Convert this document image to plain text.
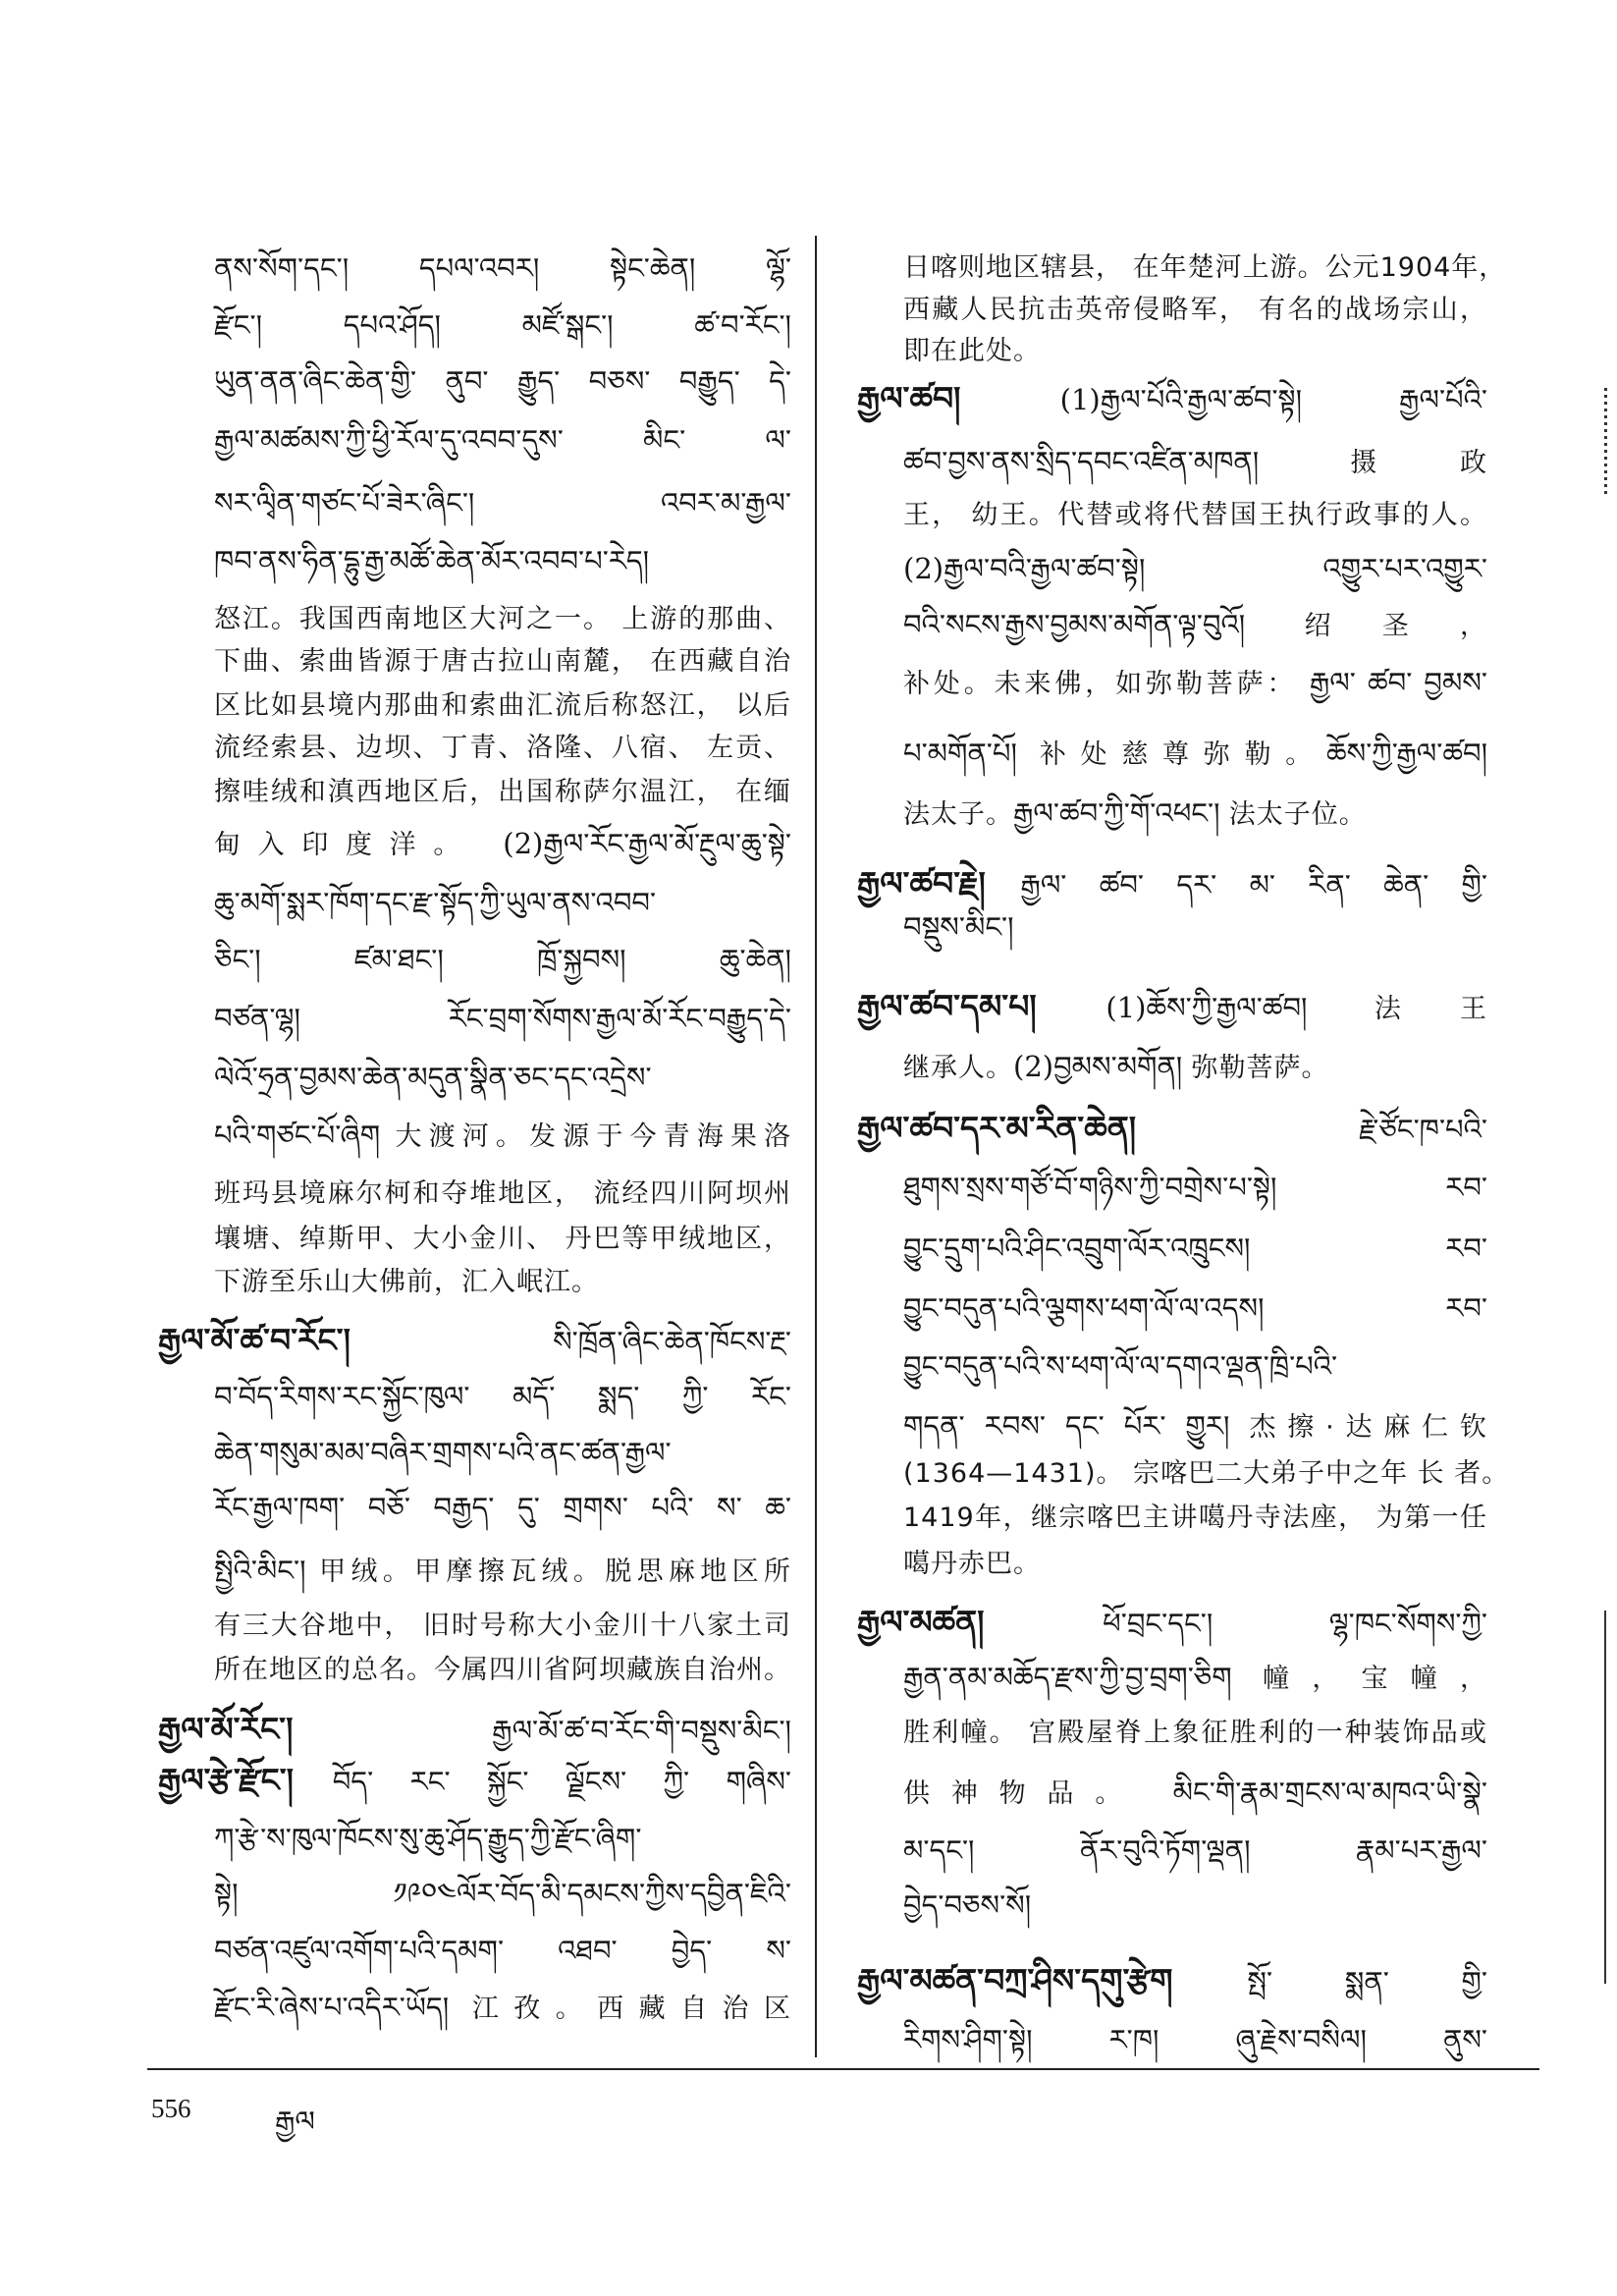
ནས་སོག་དང་། དཔལ་འབར། སྟེང་ཆེན། ལྷོ་
རྫོང་། དཔའ་ཤོད། མཛོ་སྒང་། ཚ་བ་རོང་།
ཡུན་ནན་ཞིང་ཆེན་གྱི་ ནུབ་ རྒྱུད་ བཅས་ བརྒྱུད་ དེ་
རྒྱལ་མཚམས་ཀྱི་ཕྱི་རོལ་དུ་འབབ་དུས་ མིང་ ལ་
སར་ལྭིན་གཙང་པོ་ཟེར་ཞིང་། འབར་མ་རྒྱལ་
ཁབ་ནས་ཧིན་དྷུ་རྒྱ་མཚོ་ཆེན་མོར་འབབ་པ་རེད།
怒江。我国西南地区大河之一。 上游的那曲、
下曲、索曲皆源于唐古拉山南麓， 在西藏自治
区比如县境内那曲和索曲汇流后称怒江， 以后
流经索县、边坝、丁青、洛隆、八宿、 左贡、
擦哇绒和滇西地区后，出国称萨尔温江， 在缅
甸入印度洋。 (2)རྒྱལ་རོང་རྒྱལ་མོ་རྔུལ་ཆུ་སྟེ་
ཆུ་མགོ་སྨར་ཁོག་དང་རྫ་སྟོད་ཀྱི་ཡུལ་ནས་འབབ་
ཅིང་། ཛམ་ཐང་། ཁྲོ་སྐྱབས། ཆུ་ཆེན།
བཙན་ལྷ། རོང་བྲག་སོགས་རྒྱལ་མོ་རོང་བརྒྱུད་དེ་
ལེའོ་ཧྲན་བྱམས་ཆེན་མདུན་སྣིན་ཅང་དང་འདྲེས་
པའི་གཙང་པོ་ཞིག 大渡河。发源于今青海果洛
班玛县境麻尔柯和夺堆地区， 流经四川阿坝州
壤塘、绰斯甲、大小金川、 丹巴等甲绒地区，
下游至乐山大佛前，汇入岷江。
རྒྱལ་མོ་ཚ་བ་རོང་། སི་ཁྲོན་ཞིང་ཆེན་ཁོངས་རྔ་
བ་བོད་རིགས་རང་སྐྱོང་ཁུལ་ མདོ་ སྨད་ ཀྱི་ རོང་
ཆེན་གསུམ་མམ་བཞིར་གྲགས་པའི་ནང་ཚན་རྒྱལ་
རོང་རྒྱལ་ཁག་ བཅོ་ བརྒྱད་ དུ་ གྲགས་ པའི་ ས་ ཆ་
སྤྱིའི་མིང་། 甲绒。甲摩擦瓦绒。脱思麻地区所
有三大谷地中， 旧时号称大小金川十八家土司
所在地区的总名。今属四川省阿坝藏族自治州。
རྒྱལ་མོ་རོང་། རྒྱལ་མོ་ཚ་བ་རོང་གི་བསྡུས་མིང་།
རྒྱལ་རྩེ་རྫོང་། བོད་ རང་ སྐྱོང་ ལྗོངས་ ཀྱི་ གཞིས་
ཀ་རྩེ་ས་ཁུལ་ཁོངས་སུ་ཆུ་ཤོད་རྒྱུད་ཀྱི་རྫོང་ཞིག་
སྟེ། ༡༩༠༤ལོར་བོད་མི་དམངས་ཀྱིས་དབྱིན་ཇིའི་
བཙན་འཛུལ་འགོག་པའི་དམག་ འཐབ་ བྱེད་ ས་
རྫོང་རི་ཞེས་པ་འདིར་ཡོད། 江孜。西藏自治区
日喀则地区辖县， 在年楚河上游。公元1904年，
西藏人民抗击英帝侵略军， 有名的战场宗山，
即在此处。
རྒྱལ་ཚབ། (1)རྒྱལ་པོའི་རྒྱལ་ཚབ་སྟེ། རྒྱལ་པོའི་
ཚབ་བྱས་ནས་སྲིད་དབང་འཛིན་མཁན། 摄政
王， 幼王。代替或将代替国王执行政事的人。
(2)རྒྱལ་བའི་རྒྱལ་ཚབ་སྟེ། འགྱུར་པར་འགྱུར་
བའི་སངས་རྒྱས་བྱམས་མགོན་ལྟ་བུའོ། 绍圣，
补处。未来佛，如弥勒菩萨： རྒྱལ་ ཚབ་ བྱམས་
པ་མགོན་པོ། 补处慈尊弥勒。ཆོས་ཀྱི་རྒྱལ་ཚབ།
法太子。རྒྱལ་ཚབ་ཀྱི་གོ་འཕང་། 法太子位。
རྒྱལ་ཚབ་རྗེ། རྒྱལ་ ཚབ་ དར་ མ་ རིན་ ཆེན་ གྱི་
བསྡུས་མིང་།
རྒྱལ་ཚབ་དམ་པ། (1)ཆོས་ཀྱི་རྒྱལ་ཚབ། 法王
继承人。(2)བྱམས་མགོན། 弥勒菩萨。
རྒྱལ་ཚབ་དར་མ་རིན་ཆེན། རྗེ་ཙོང་ཁ་པའི་
ཐུགས་སྲས་གཙོ་བོ་གཉིས་ཀྱི་བགྲེས་པ་སྟེ། རབ་
བྱུང་དྲུག་པའི་ཤིང་འབྲུག་ལོར་འཁྲུངས། རབ་
བྱུང་བདུན་པའི་ལྕགས་ཕག་ལོ་ལ་འདས། རབ་
བྱུང་བདུན་པའི་ས་ཕག་ལོ་ལ་དགའ་ལྡན་ཁྲི་པའི་
གདན་ རབས་ དང་ པོར་ གྱུར། 杰擦·达麻仁钦
(1364—1431)。 宗喀巴二大弟子中之年 长 者。
1419年，继宗喀巴主讲噶丹寺法座， 为第一任
噶丹赤巴。
རྒྱལ་མཚན། ཕོ་བྲང་དང་། ལྷ་ཁང་སོགས་ཀྱི་
རྒྱན་ནམ་མཆོད་རྫས་ཀྱི་བྱ་བྲག་ཅིག 幢，宝幢，
胜利幢。 宫殿屋脊上象征胜利的一种装饰品或
供神物品。 མིང་གི་རྣམ་གྲངས་ལ་མཁའ་ཡི་སྣེ་
མ་དང་། ནོར་བུའི་ཏོག་ལྡན། རྣམ་པར་རྒྱལ་
བྱེད་བཅས་སོ།
རྒྱལ་མཚན་བཀྲ་ཤིས་དགུ་རྩེག སྤོ་ སྨན་ གྱི་
རིགས་ཤིག་སྟེ། ར་ཁ། ཞུ་རྗེས་བསིལ། ནུས་
556	རྒྱལ
